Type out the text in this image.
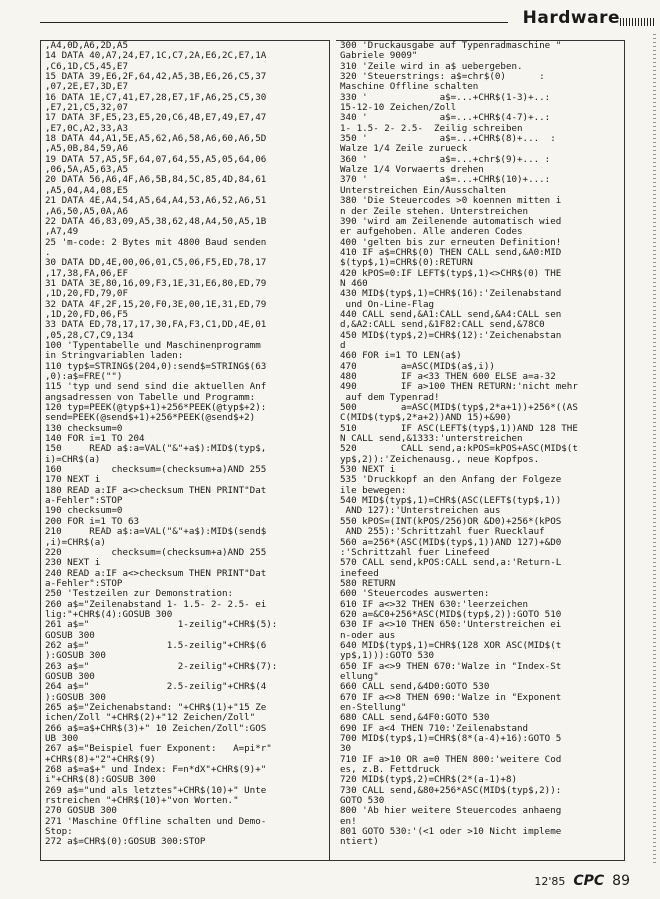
Hardware
,A4,0D,A6,2D,A5
14 DATA 40,A7,24,E7,1C,C7,2A,E6,2C,E7,1A
,C6,1D,C5,45,E7
15 DATA 39,E6,2F,64,42,A5,3B,E6,26,C5,37
,07,2E,E7,3D,E7
16 DATA 1E,C7,41,E7,28,E7,1F,A6,25,C5,30
,E7,21,C5,32,07
17 DATA 3F,E5,23,E5,20,C6,4B,E7,49,E7,47
,E7,0C,A2,33,A3
18 DATA 44,A1,5E,A5,62,A6,58,A6,60,A6,5D
,A5,0B,84,59,A6
19 DATA 57,A5,5F,64,07,64,55,A5,05,64,06
,06,5A,A5,63,A5
20 DATA 56,A6,4F,A6,5B,84,5C,85,4D,84,61
,A5,04,A4,08,E5
21 DATA 4E,A4,54,A5,64,A4,53,A6,52,A6,51
,A6,50,A5,0A,A6
22 DATA 46,83,09,A5,38,62,48,A4,50,A5,1B
,A7,49
25 'm-code: 2 Bytes mit 4800 Baud senden
.
30 DATA DD,4E,00,06,01,C5,06,F5,ED,78,17
,17,38,FA,06,EF
31 DATA 3E,80,16,09,F3,1E,31,E6,80,ED,79
,1D,20,FD,79,0F
32 DATA 4F,2F,15,20,F0,3E,00,1E,31,ED,79
,1D,20,FD,06,F5
33 DATA ED,78,17,17,30,FA,F3,C1,DD,4E,01
,05,28,C7,C9,134
100 'Typentabelle und Maschinenprogramm
in Stringvariablen laden:
110 typ$=STRING$(204,0):send$=STRING$(63
,0):a$=FRE("")
115 'typ und send sind die aktuellen Anf
angsadressen von Tabelle und Programm:
120 typ=PEEK(@typ$+1)+256*PEEK(@typ$+2):
send=PEEK(@send$+1)+256*PEEK(@send$+2)
130 checksum=0
140 FOR i=1 TO 204
150     READ a$:a=VAL("&"+a$):MID$(typ$,
i)=CHR$(a)
160         checksum=(checksum+a)AND 255
170 NEXT i
180 READ a:IF a<>checksum THEN PRINT"Dat
a-Fehler":STOP
190 checksum=0
200 FOR i=1 TO 63
210     READ a$:a=VAL("&"+a$):MID$(send$
,i)=CHR$(a)
220         checksum=(checksum+a)AND 255
230 NEXT i
240 READ a:IF a<>checksum THEN PRINT"Dat
a-Fehler":STOP
250 'Testzeilen zur Demonstration:
260 a$="Zeilenabstand 1- 1.5- 2- 2.5- ei
lig:"+CHR$(4):GOSUB 300
261 a$="                1-zeilig"+CHR$(5):
GOSUB 300
262 a$="              1.5-zeilig"+CHR$(6
):GOSUB 300
263 a$="                2-zeilig"+CHR$(7):
GOSUB 300
264 a$="              2.5-zeilig"+CHR$(4
):GOSUB 300
265 a$="Zeichenabstand: "+CHR$(1)+"15 Ze
ichen/Zoll "+CHR$(2)+"12 Zeichen/Zoll"
266 a$=a$+CHR$(3)+" 10 Zeichen/Zoll":GOS
UB 300
267 a$="Beispiel fuer Exponent:   A=pi*r"
+CHR$(8)+"2"+CHR$(9)
268 a$=a$+" und Index: F=n*dX"+CHR$(9)+"
i"+CHR$(8):GOSUB 300
269 a$="und als letztes"+CHR$(10)+" Unte
rstreichen "+CHR$(10)+"von Worten."
270 GOSUB 300
271 'Maschine Offline schalten und Demo-
Stop:
272 a$=CHR$(0):GOSUB 300:STOP
300 'Druckausgabe auf Typenradmaschine "
Gabriele 9009"
310 'Zeile wird in a$ uebergeben.
320 'Steuerstrings: a$=chr$(0)      :
Maschine Offline schalten
330 '             a$=...+CHR$(1-3)+..:
15-12-10 Zeichen/Zoll
340 '             a$=...+CHR$(4-7)+..:
1- 1.5- 2- 2.5-  Zeilig schreiben
350 '             a$=...+CHR$(8)+...  :
Walze 1/4 Zeile zurueck
360 '             a$=...+chr$(9)+... :
Walze 1/4 Vorwaerts drehen
370 '             a$=...+CHR$(10)+...:
Unterstreichen Ein/Ausschalten
380 'Die Steuercodes >0 koennen mitten i
n der Zeile stehen. Unterstreichen
390 'wird am Zeilenende automatisch wied
er aufgehoben. Alle anderen Codes
400 'gelten bis zur erneuten Definition!
410 IF a$=CHR$(0) THEN CALL send,&A0:MID
$(typ$,1)=CHR$(0):RETURN
420 kPOS=0:IF LEFT$(typ$,1)<>CHR$(0) THE
N 460
430 MID$(typ$,1)=CHR$(16):'Zeilenabstand
und On-Line-Flag
440 CALL send,&A1:CALL send,&A4:CALL sen
d,&A2:CALL send,&1F82:CALL send,&78C0
450 MID$(typ$,2)=CHR$(12):'Zeichenabstan
d
460 FOR i=1 TO LEN(a$)
470        a=ASC(MID$(a$,i))
480        IF a<33 THEN 600 ELSE a=a-32
490        IF a>100 THEN RETURN:'nicht mehr
auf dem Typenrad!
500        a=ASC(MID$(typ$,2*a+1))+256*((AS
C(MID$(typ$,2*a+2))AND 15)+&90)
510        IF ASC(LEFT$(typ$,1))AND 128 THE
N CALL send,&1333:'unterstreichen
520        CALL send,a:kPOS=kPOS+ASC(MID$(t
yp$,2)):'Zeichenausg., neue Kopfpos.
530 NEXT i
535 'Druckkopf an den Anfang der Folgeze
ile bewegen:
540 MID$(typ$,1)=CHR$(ASC(LEFT$(typ$,1))
AND 127):'Unterstreichen aus
550 kPOS=(INT(kPOS/256)OR &D0)+256*(kPOS
AND 255):'Schrittzahl fuer Ruecklauf
560 a=256*(ASC(MID$(typ$,1))AND 127)+&D0
:'Schrittzahl fuer Linefeed
570 CALL send,kPOS:CALL send,a:'Return-L
inefeed
580 RETURN
600 'Steuercodes auswerten:
610 IF a<>32 THEN 630:'leerzeichen
620 a=&C0+256*ASC(MID$(typ$,2)):GOTO 510
630 IF a<>10 THEN 650:'Unterstreichen ei
n-oder aus
640 MID$(typ$,1)=CHR$(128 XOR ASC(MID$(t
yp$,1))):GOTO 530
650 IF a<>9 THEN 670:'Walze in "Index-St
ellung"
660 CALL send,&4D0:GOTO 530
670 IF a<>8 THEN 690:'Walze in "Exponent
en-Stellung"
680 CALL send,&4F0:GOTO 530
690 IF a<4 THEN 710:'Zeilenabstand
700 MID$(typ$,1)=CHR$(8*(a-4)+16):GOTO 5
30
710 IF a>10 OR a=0 THEN 800:'weitere Cod
es, z.B. Fettdruck
720 MID$(typ$,2)=CHR$(2*(a-1)+8)
730 CALL send,&80+256*ASC(MID$(typ$,2)):
GOTO 530
800 'Ab hier weitere Steuercodes anhaeng
en!
801 GOTO 530:'(<1 oder >10 Nicht impleme
ntiert)
12'85 CPC 89
